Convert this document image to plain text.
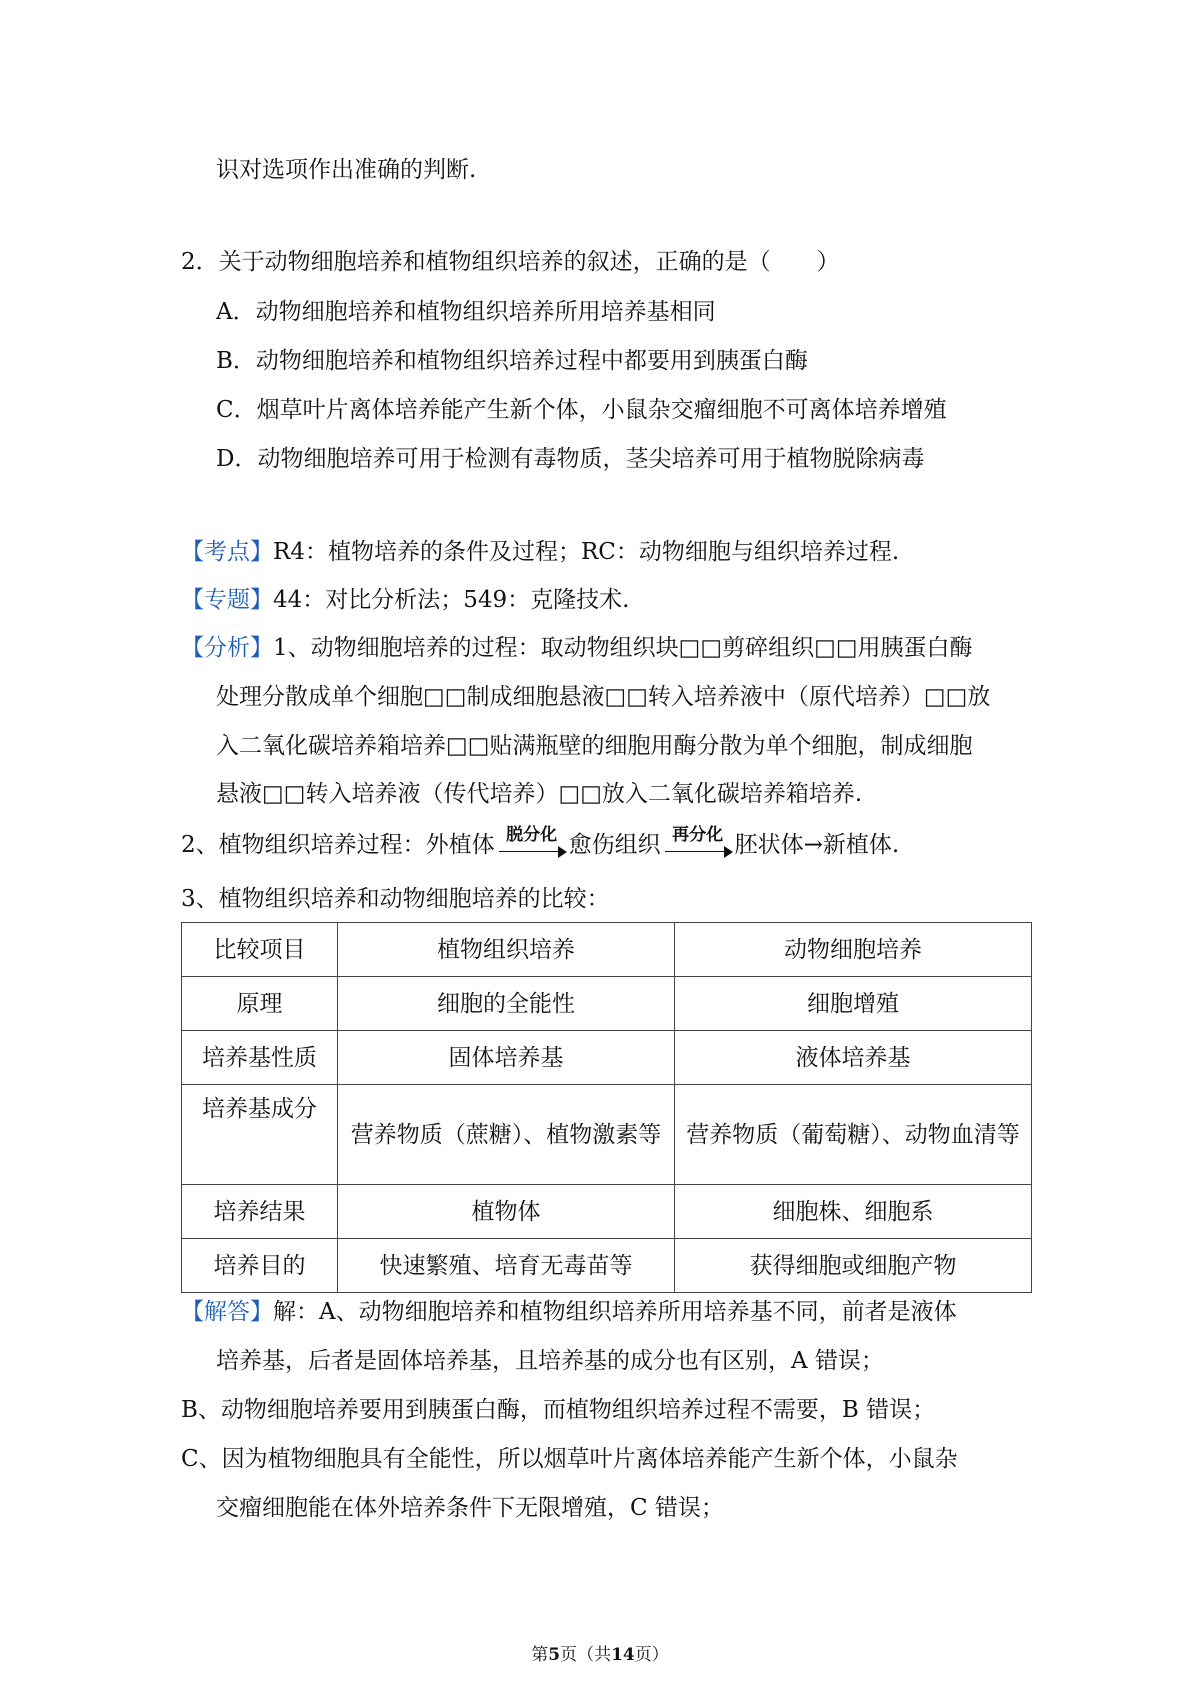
识对选项作出准确的判断.
2．关于动物细胞培养和植物组织培养的叙述，正确的是（　　）
A．动物细胞培养和植物组织培养所用培养基相同
B．动物细胞培养和植物组织培养过程中都要用到胰蛋白酶
C．烟草叶片离体培养能产生新个体，小鼠杂交瘤细胞不可离体培养增殖
D．动物细胞培养可用于检测有毒物质，茎尖培养可用于植物脱除病毒
【考点】R4：植物培养的条件及过程；RC：动物细胞与组织培养过程.
【专题】44：对比分析法；549：克隆技术.
【分析】1、动物细胞培养的过程：取动物组织块□□剪碎组织□□用胰蛋白酶
处理分散成单个细胞□□制成细胞悬液□□转入培养液中（原代培养）□□放
入二氧化碳培养箱培养□□贴满瓶壁的细胞用酶分散为单个细胞，制成细胞
悬液□□转入培养液（传代培养）□□放入二氧化碳培养箱培养.
2、植物组织培养过程：外植体 脱分化 愈伤组织 再分化 胚状体→新植体.
3、植物组织培养和动物细胞培养的比较：
比较项目	植物组织培养	动物细胞培养
原理	细胞的全能性	细胞增殖
培养基性质	固体培养基	液体培养基
培养基成分	营养物质（蔗糖）、植物激素等	营养物质（葡萄糖）、动物血清等
培养结果	植物体	细胞株、细胞系
培养目的	快速繁殖、培育无毒苗等	获得细胞或细胞产物
【解答】解：A、动物细胞培养和植物组织培养所用培养基不同，前者是液体
培养基，后者是固体培养基，且培养基的成分也有区别，A 错误；
B、动物细胞培养要用到胰蛋白酶，而植物组织培养过程不需要，B 错误；
C、因为植物细胞具有全能性，所以烟草叶片离体培养能产生新个体，小鼠杂
交瘤细胞能在体外培养条件下无限增殖，C 错误；
第5页（共14页）
